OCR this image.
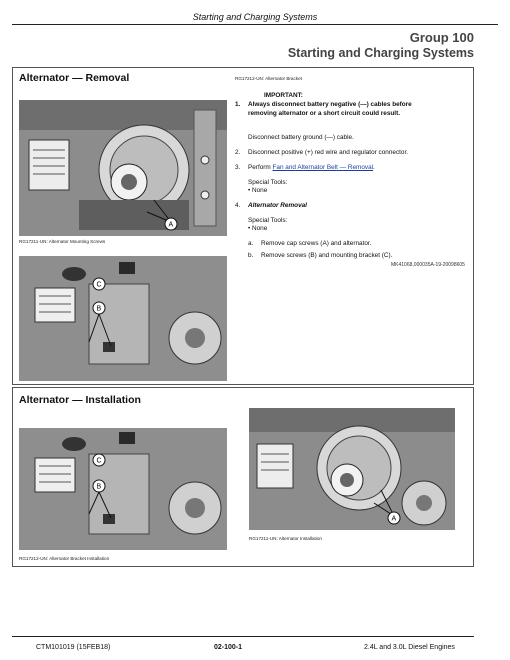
Starting and Charging Systems
Group 100
Starting and Charging Systems
Alternator — Removal
A
RG17211-UN: Alternator Mounting Screws
C
B
RG17212-UN: Alternator Bracket
IMPORTANT:
1. Always disconnect battery negative (—) cables before
removing alternator or a short circuit could result.
Disconnect battery ground (—) cable.
2. Disconnect positive (+) red wire and regulator connector.
3. Perform Fan and Alternator Belt — Removal.
Special Tools:
• None
4. Alternator Removal
Special Tools:
• None
a. Remove cap screws (A) and alternator.
b. Remove screws (B) and mounting bracket (C).
MK41068,000035A-19-20098605
Alternator — Installation
C
B
RG17212-UN: Alternator Bracket Installation
A
RG17211-UN: Alternator Installation
CTM101019 (15FEB18)	02-100-1	2.4L and 3.0L Diesel Engines
